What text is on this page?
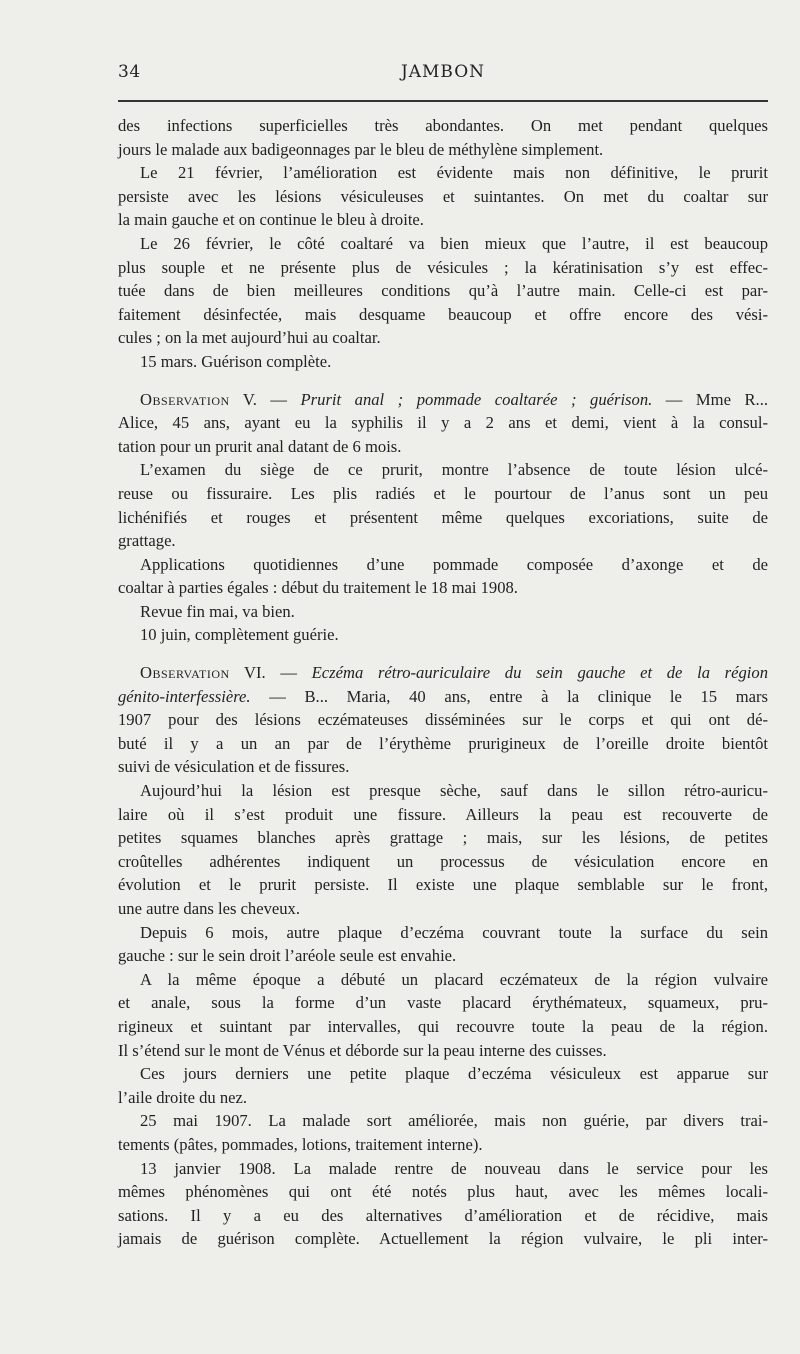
34	JAMBON
des infections superficielles très abondantes. On met pendant quelques
jours le malade aux badigeonnages par le bleu de méthylène simplement.
Le 21 février, l’amélioration est évidente mais non définitive, le prurit
persiste avec les lésions vésiculeuses et suintantes. On met du coaltar sur
la main gauche et on continue le bleu à droite.
Le 26 février, le côté coaltaré va bien mieux que l’autre, il est beaucoup
plus souple et ne présente plus de vésicules ; la kératinisation s’y est effec-
tuée dans de bien meilleures conditions qu’à l’autre main. Celle-ci est par-
faitement désinfectée, mais desquame beaucoup et offre encore des vési-
cules ; on la met aujourd’hui au coaltar.
15 mars. Guérison complète.
Observation V. — Prurit anal ; pommade coaltarée ; guérison. — Mme R...
Alice, 45 ans, ayant eu la syphilis il y a 2 ans et demi, vient à la consul-
tation pour un prurit anal datant de 6 mois.
L’examen du siège de ce prurit, montre l’absence de toute lésion ulcé-
reuse ou fissuraire. Les plis radiés et le pourtour de l’anus sont un peu
lichénifiés et rouges et présentent même quelques excoriations, suite de
grattage.
Applications quotidiennes d’une pommade composée d’axonge et de
coaltar à parties égales : début du traitement le 18 mai 1908.
Revue fin mai, va bien.
10 juin, complètement guérie.
Observation VI. — Eczéma rétro-auriculaire du sein gauche et de la région
génito-interfessière. — B... Maria, 40 ans, entre à la clinique le 15 mars
1907 pour des lésions eczémateuses disséminées sur le corps et qui ont dé-
buté il y a un an par de l’érythème prurigineux de l’oreille droite bientôt
suivi de vésiculation et de fissures.
Aujourd’hui la lésion est presque sèche, sauf dans le sillon rétro-auricu-
laire où il s’est produit une fissure. Ailleurs la peau est recouverte de
petites squames blanches après grattage ; mais, sur les lésions, de petites
croûtelles adhérentes indiquent un processus de vésiculation encore en
évolution et le prurit persiste. Il existe une plaque semblable sur le front,
une autre dans les cheveux.
Depuis 6 mois, autre plaque d’eczéma couvrant toute la surface du sein
gauche : sur le sein droit l’aréole seule est envahie.
A la même époque a débuté un placard eczémateux de la région vulvaire
et anale, sous la forme d’un vaste placard érythémateux, squameux, pru-
rigineux et suintant par intervalles, qui recouvre toute la peau de la région.
Il s’étend sur le mont de Vénus et déborde sur la peau interne des cuisses.
Ces jours derniers une petite plaque d’eczéma vésiculeux est apparue sur
l’aile droite du nez.
25 mai 1907. La malade sort améliorée, mais non guérie, par divers trai-
tements (pâtes, pommades, lotions, traitement interne).
13 janvier 1908. La malade rentre de nouveau dans le service pour les
mêmes phénomènes qui ont été notés plus haut, avec les mêmes locali-
sations. Il y a eu des alternatives d’amélioration et de récidive, mais
jamais de guérison complète. Actuellement la région vulvaire, le pli inter-
